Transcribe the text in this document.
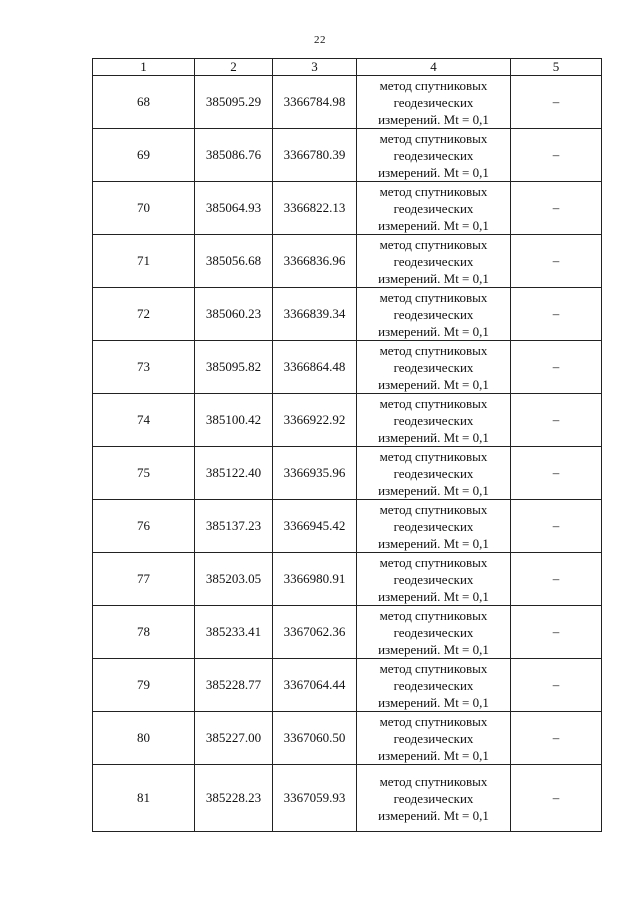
22
1	2	3	4	5
68	385095.29	3366784.98	метод спутниковых
геодезических
измерений. Mt = 0,1	–
69	385086.76	3366780.39	метод спутниковых
геодезических
измерений. Mt = 0,1	–
70	385064.93	3366822.13	метод спутниковых
геодезических
измерений. Mt = 0,1	–
71	385056.68	3366836.96	метод спутниковых
геодезических
измерений. Mt = 0,1	–
72	385060.23	3366839.34	метод спутниковых
геодезических
измерений. Mt = 0,1	–
73	385095.82	3366864.48	метод спутниковых
геодезических
измерений. Mt = 0,1	–
74	385100.42	3366922.92	метод спутниковых
геодезических
измерений. Mt = 0,1	–
75	385122.40	3366935.96	метод спутниковых
геодезических
измерений. Mt = 0,1	–
76	385137.23	3366945.42	метод спутниковых
геодезических
измерений. Mt = 0,1	–
77	385203.05	3366980.91	метод спутниковых
геодезических
измерений. Mt = 0,1	–
78	385233.41	3367062.36	метод спутниковых
геодезических
измерений. Mt = 0,1	–
79	385228.77	3367064.44	метод спутниковых
геодезических
измерений. Mt = 0,1	–
80	385227.00	3367060.50	метод спутниковых
геодезических
измерений. Mt = 0,1	–
81	385228.23	3367059.93	метод спутниковых
геодезических
измерений. Mt = 0,1	–
